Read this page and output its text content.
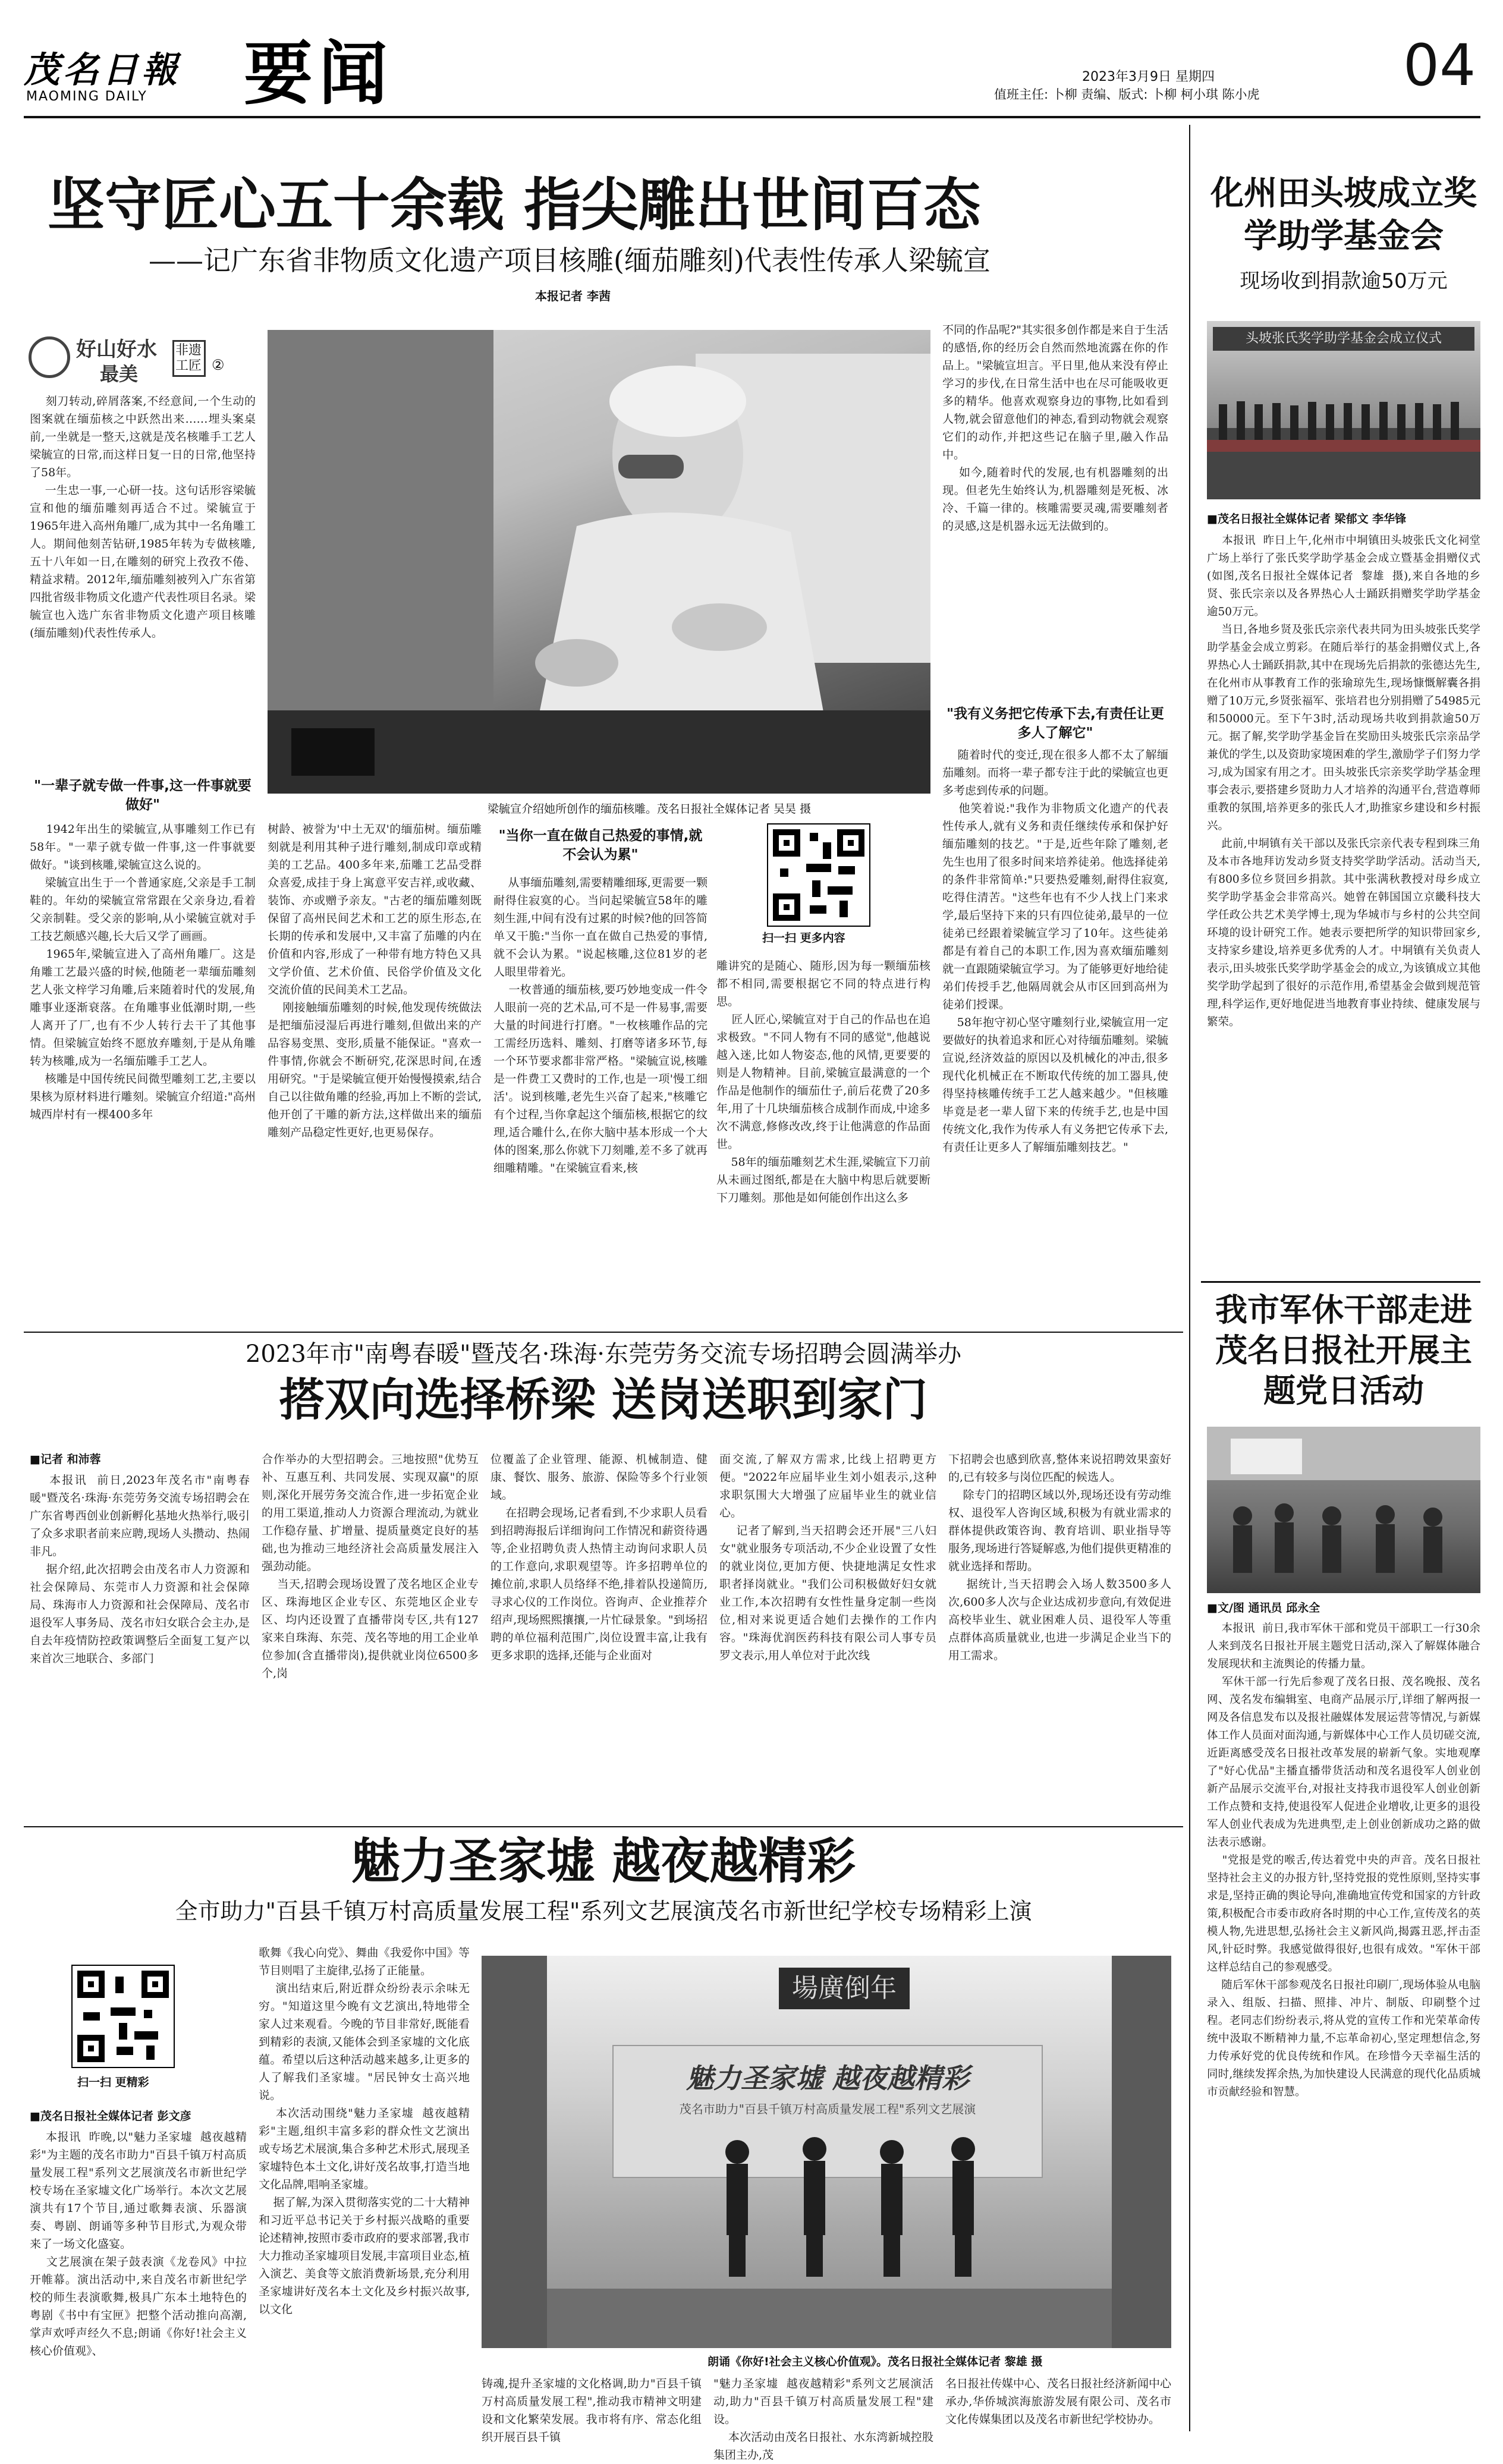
茂名日報
MAOMING DAILY 要闻	2023年3月9日 星期四
值班主任: 卜柳 责编、版式: 卜柳 柯小琪 陈小虎	04
坚守匠心五十余载 指尖雕出世间百态
——记广东省非物质文化遗产项目核雕(缅茄雕刻)代表性传承人梁毓宣
本报记者 李茜
好山好水
最美
非遗工匠 ②
刻刀转动,碎屑落案,不经意间,一个生动的图案就在缅茄核之中跃然出来……埋头案桌前,一坐就是一整天,这就是茂名核雕手工艺人梁毓宣的日常,而这样日复一日的日常,他坚持了58年。
一生忠一事,一心研一技。这句话形容梁毓宣和他的缅茄雕刻再适合不过。梁毓宣于1965年进入高州角雕厂,成为其中一名角雕工人。期间他刻苦钻研,1985年转为专做核雕,五十八年如一日,在雕刻的研究上孜孜不倦、精益求精。2012年,缅茄雕刻被列入广东省第四批省级非物质文化遗产代表性项目名录。梁毓宣也入选广东省非物质文化遗产项目核雕(缅茄雕刻)代表性传承人。
"一辈子就专做一件事,这一件事就要做好"
1942年出生的梁毓宣,从事雕刻工作已有58年。"一辈子就专做一件事,这一件事就要做好。"谈到核雕,梁毓宣这么说的。
梁毓宣出生于一个普通家庭,父亲是手工制鞋的。年幼的梁毓宣常常跟在父亲身边,看着父亲制鞋。受父亲的影响,从小梁毓宣就对手工技艺颇感兴趣,长大后又学了画画。
1965年,梁毓宣进入了高州角雕厂。这是角雕工艺最兴盛的时候,他随老一辈缅茄雕刻艺人张文梓学习角雕,后来随着时代的发展,角雕事业逐渐衰落。在角雕事业低潮时期,一些人离开了厂,也有不少人转行去干了其他事情。但梁毓宣始终不愿放弃雕刻,于是从角雕转为核雕,成为一名缅茄雕手工艺人。
核雕是中国传统民间微型雕刻工艺,主要以果核为原材料进行雕刻。梁毓宣介绍道:"高州城西岸村有一棵400多年
梁毓宣介绍她所创作的缅茄核雕。茂名日报社全媒体记者 吴昊 摄
树龄、被誉为'中土无双'的缅茄树。缅茄雕刻就是利用其种子进行雕刻,制成印章或精美的工艺品。400多年来,茄雕工艺品受群众喜爱,成挂于身上寓意平安吉祥,或收藏、装饰、亦或赠予亲友。"古老的缅茄雕刻既保留了高州民间艺术和工艺的原生形态,在长期的传承和发展中,又丰富了茄雕的内在价值和内容,形成了一种带有地方特色又具文学价值、艺术价值、民俗学价值及文化交流价值的民间美术工艺品。
刚接触缅茄雕刻的时候,他发现传统做法是把缅茄浸湿后再进行雕刻,但做出来的产品容易变黑、变形,质量不能保证。"喜欢一件事情,你就会不断研究,花深思时间,在透用研究。"于是梁毓宣便开始慢慢摸索,结合自己以往做角雕的经验,再加上不断的尝试,他开创了干雕的新方法,这样做出来的缅茄雕刻产品稳定性更好,也更易保存。
"当你一直在做自己热爱的事情,就不会认为累"
从事缅茄雕刻,需要精雕细琢,更需要一颗耐得住寂寞的心。当问起梁毓宣58年的雕刻生涯,中间有没有过累的时候?他的回答简单又干脆:"当你一直在做自己热爱的事情,就不会认为累。"说起核雕,这位81岁的老人眼里带着光。
一枚普通的缅茄核,要巧妙地变成一件令人眼前一亮的艺术品,可不是一件易事,需要大量的时间进行打磨。"一枚核雕作品的完工需经历选料、雕刻、打磨等诸多环节,每一个环节要求都非常严格。"梁毓宣说,核雕是一件费工又费时的工作,也是一项'慢工细活'。说到核雕,老先生兴奋了起来,"核雕它有个过程,当你拿起这个缅茄核,根据它的纹理,适合雕什么,在你大脑中基本形成一个大体的图案,那么你就下刀刻雕,差不多了就再细雕精雕。"在梁毓宣看来,核
扫一扫 更多内容
雕讲究的是随心、随形,因为每一颗缅茄核都不相同,需要根据它不同的特点进行构思。
匠人匠心,梁毓宣对于自己的作品也在追求极致。"不同人物有不同的感觉",他越说越入迷,比如人物姿态,他的风情,更要要的则是人物精神。目前,梁毓宣最满意的一个作品是他制作的缅茄仕子,前后花费了20多年,用了十几块缅茄核合成制作而成,中途多次不满意,修修改改,终于让他满意的作品面世。
58年的缅茄雕刻艺术生涯,梁毓宣下刀前从未画过图纸,都是在大脑中构思后就要断下刀雕刻。那他是如何能创作出这么多
不同的作品呢?"其实很多创作都是来自于生活的感悟,你的经历会自然而然地流露在你的作品上。"梁毓宣坦言。平日里,他从来没有停止学习的步伐,在日常生活中也在尽可能吸收更多的精华。他喜欢观察身边的事物,比如看到人物,就会留意他们的神态,看到动物就会观察它们的动作,并把这些记在脑子里,融入作品中。
如今,随着时代的发展,也有机器雕刻的出现。但老先生始终认为,机器雕刻是死板、冰冷、千篇一律的。核雕需要灵魂,需要雕刻者的灵感,这是机器永远无法做到的。
"我有义务把它传承下去,有责任让更多人了解它"
随着时代的变迁,现在很多人都不太了解缅茄雕刻。而将一辈子都专注于此的梁毓宣也更多考虑到传承的问题。
他笑着说:"我作为非物质文化遗产的代表性传承人,就有义务和责任继续传承和保护好缅茄雕刻的技艺。"于是,近些年除了雕刻,老先生也用了很多时间来培养徒弟。他选择徒弟的条件非常简单:"只要热爱雕刻,耐得住寂寞,吃得住清苦。"这些年也有不少人找上门来求学,最后坚持下来的只有四位徒弟,最早的一位徒弟已经跟着梁毓宣学习了10年。这些徒弟都是有着自己的本职工作,因为喜欢缅茄雕刻就一直跟随梁毓宣学习。为了能够更好地给徒弟们传授手艺,他隔周就会从市区回到高州为徒弟们授课。
58年抱守初心坚守雕刻行业,梁毓宣用一定要做好的执着追求和匠心对待缅茄雕刻。梁毓宣说,经济效益的原因以及机械化的冲击,很多现代化机械正在不断取代传统的加工器具,使得坚持核雕传统手工艺人越来越少。"但核雕毕竟是老一辈人留下来的传统手艺,也是中国传统文化,我作为传承人有义务把它传承下去,有责任让更多人了解缅茄雕刻技艺。"
化州田头坡成立奖学助学基金会
现场收到捐款逾50万元
头坡张氏奖学助学基金会成立仪式
■茂名日报社全媒体记者 梁郁文 李华锋
本报讯  昨日上午,化州市中垌镇田头坡张氏文化祠堂广场上举行了张氏奖学助学基金会成立暨基金捐赠仪式(如图,茂名日报社全媒体记者  黎雄  摄),来自各地的乡贤、张氏宗亲以及各界热心人士踊跃捐赠奖学助学基金逾50万元。
当日,各地乡贤及张氏宗亲代表共同为田头坡张氏奖学助学基金会成立剪彩。在随后举行的基金捐赠仪式上,各界热心人士踊跃捐款,其中在现场先后捐款的张德达先生,在化州市从事教育工作的张瑜琼先生,现场慷慨解囊各捐赠了10万元,乡贤张福军、张培君也分别捐赠了54985元和50000元。至下午3时,活动现场共收到捐款逾50万元。据了解,奖学助学基金旨在奖励田头坡张氏宗亲品学兼优的学生,以及资助家境困难的学生,激励学子们努力学习,成为国家有用之才。田头坡张氏宗亲奖学助学基金理事会表示,要搭建乡贤助力人才培养的沟通平台,营造尊师重教的氛围,培养更多的张氏人才,助推家乡建设和乡村振兴。
此前,中垌镇有关干部以及张氏宗亲代表专程到珠三角及本市各地拜访发动乡贤支持奖学助学活动。活动当天,有800多位乡贤回乡捐款。其中张满秋教授对母乡成立奖学助学基金会非常高兴。她曾在韩国国立京畿科技大学任政公共艺术美学博士,现为华城市与乡村的公共空间环境的设计研究工作。她表示要把所学的知识带回家乡,支持家乡建设,培养更多优秀的人才。中垌镇有关负责人表示,田头坡张氏奖学助学基金会的成立,为该镇成立其他奖学助学起到了很好的示范作用,希望基金会做到规范管理,科学运作,更好地促进当地教育事业持续、健康发展与繁荣。
我市军休干部走进茂名日报社开展主题党日活动
■文/图 通讯员 邱永全
本报讯  前日,我市军休干部和党员干部职工一行30余人来到茂名日报社开展主题党日活动,深入了解媒体融合发展现状和主流舆论的传播力量。
军休干部一行先后参观了茂名日报、茂名晚报、茂名网、茂名发布编辑室、电商产品展示厅,详细了解两报一网及各信息发布以及报社融媒体发展运营等情况,与新媒体工作人员面对面沟通,与新媒体中心工作人员切磋交流,近距离感受茂名日报社改革发展的崭新气象。实地观摩了"好心优品"主播直播带货活动和茂名退役军人创业创新产品展示交流平台,对报社支持我市退役军人创业创新工作点赞和支持,使退役军人促进企业增收,让更多的退役军人创业代表成为先进典型,走上创业创新成功之路的做法表示感谢。
"党报是党的喉舌,传达着党中央的声音。茂名日报社坚持社会主义的办报方针,坚持党报的党性原则,坚持实事求是,坚持正确的舆论导向,准确地宣传党和国家的方针政策,积极配合市委市政府各时期的中心工作,宣传茂名的英模人物,先进思想,弘扬社会主义新风尚,揭露丑恶,抨击歪风,针砭时弊。我感觉做得很好,也很有成效。"军休干部这样总结自己的参观感受。
随后军休干部参观茂名日报社印刷厂,现场体验从电脑录入、组版、扫描、照排、冲片、制版、印刷整个过程。老同志们纷纷表示,将从党的宣传工作和光荣革命传统中汲取不断精神力量,不忘革命初心,坚定理想信念,努力传承好党的优良传统和作风。在珍惜今天幸福生活的同时,继续发挥余热,为加快建设人民满意的现代化品质城市贡献经验和智慧。
2023年市"南粤春暖"暨茂名·珠海·东莞劳务交流专场招聘会圆满举办
搭双向选择桥梁 送岗送职到家门
■记者 和沛蓉
本报讯  前日,2023年茂名市"南粤春暖"暨茂名·珠海·东莞劳务交流专场招聘会在广东省粤西创业创新孵化基地火热举行,吸引了众多求职者前来应聘,现场人头攒动、热闹非凡。
据介绍,此次招聘会由茂名市人力资源和社会保障局、东莞市人力资源和社会保障局、珠海市人力资源和社会保障局、茂名市退役军人事务局、茂名市妇女联合会主办,是自去年疫情防控政策调整后全面复工复产以来首次三地联合、多部门
合作举办的大型招聘会。三地按照"优势互补、互惠互利、共同发展、实现双赢"的原则,深化开展劳务交流合作,进一步拓宽企业的用工渠道,推动人力资源合理流动,为就业工作稳存量、扩增量、提质量奠定良好的基础,也为推动三地经济社会高质量发展注入强劲动能。
当天,招聘会现场设置了茂名地区企业专区、珠海地区企业专区、东莞地区企业专区、均内还设置了直播带岗专区,共有127家来自珠海、东莞、茂名等地的用工企业单位参加(含直播带岗),提供就业岗位6500多个,岗
位覆盖了企业管理、能源、机械制造、健康、餐饮、服务、旅游、保险等多个行业领域。
在招聘会现场,记者看到,不少求职人员看到招聘海报后详细询问工作情况和薪资待遇等,企业招聘负责人热情主动询问求职人员的工作意向,求职观望等。许多招聘单位的摊位前,求职人员络绎不绝,排着队投递简历,寻求心仪的工作岗位。咨询声、企业推荐介绍声,现场熙熙攘攘,一片忙碌景象。"到场招聘的单位福利范围广,岗位设置丰富,让我有更多求职的选择,还能与企业面对
面交流,了解双方需求,比线上招聘更方便。"2022年应届毕业生刘小姐表示,这种求职氛围大大增强了应届毕业生的就业信心。
记者了解到,当天招聘会还开展"三八妇女"就业服务专项活动,不少企业设置了女性的就业岗位,更加方便、快捷地满足女性求职者择岗就业。"我们公司积极做好妇女就业工作,本次招聘有女性性量身定制一些岗位,相对来说更适合她们去操作的工作内容。"珠海优润医药科技有限公司人事专员罗文表示,用人单位对于此次线
下招聘会也感到欣喜,整体来说招聘效果蛮好的,已有较多与岗位匹配的候选人。
除专门的招聘区域以外,现场还设有劳动维权、退役军人咨询区域,积极为有就业需求的群体提供政策咨询、教育培训、职业指导等服务,现场进行答疑解惑,为他们提供更精准的就业选择和帮助。
据统计,当天招聘会入场人数3500多人次,600多人次与企业达成初步意向,有效促进高校毕业生、就业困难人员、退役军人等重点群体高质量就业,也进一步满足企业当下的用工需求。
魅力圣家墟 越夜越精彩
全市助力"百县千镇万村高质量发展工程"系列文艺展演茂名市新世纪学校专场精彩上演
扫一扫 更精彩
■茂名日报社全媒体记者 彭文彦
本报讯  昨晚,以"魅力圣家墟  越夜越精彩"为主题的茂名市助力"百县千镇万村高质量发展工程"系列文艺展演茂名市新世纪学校专场在圣家墟文化广场举行。本次文艺展演共有17个节目,通过歌舞表演、乐器演奏、粤剧、朗诵等多种节目形式,为观众带来了一场文化盛宴。
文艺展演在架子鼓表演《龙卷风》中拉开帷幕。演出活动中,来自茂名市新世纪学校的师生表演歌舞,极具广东本土地特色的粤剧《书中有宝匣》把整个活动推向高潮,掌声欢呼声经久不息;朗诵《你好!社会主义核心价值观》、
歌舞《我心向党》、舞曲《我爱你中国》等节目则唱了主旋律,弘扬了正能量。
演出结束后,附近群众纷纷表示余味无穷。"知道这里今晚有文艺演出,特地带全家人过来观看。今晚的节目非常好,既能看到精彩的表演,又能体会到圣家墟的文化底蕴。希望以后这种活动越来越多,让更多的人了解我们圣家墟。"居民钟女士高兴地说。
本次活动围绕"魅力圣家墟  越夜越精彩"主题,组织丰富多彩的群众性文艺演出或专场艺术展演,集合多种艺术形式,展现圣家墟特色本土文化,讲好茂名故事,打造当地文化品牌,唱响圣家墟。
据了解,为深入贯彻落实党的二十大精神和习近平总书记关于乡村振兴战略的重要论述精神,按照市委市政府的要求部署,我市大力推动圣家墟项目发展,丰富项目业态,植入演艺、美食等文旅消费新场景,充分利用圣家墟讲好茂名本土文化及乡村振兴故事,以文化
場廣倒年
魅力圣家墟 越夜越精彩
茂名市助力"百县千镇万村高质量发展工程"系列文艺展演
朗诵《你好!社会主义核心价值观》。茂名日报社全媒体记者 黎雄 摄
铸魂,提升圣家墟的文化格调,助力"百县千镇万村高质量发展工程",推动我市精神文明建设和文化繁荣发展。我市将有序、常态化组织开展百县千镇
"魅力圣家墟  越夜越精彩"系列文艺展演活动,助力"百县千镇万村高质量发展工程"建设。
本次活动由茂名日报社、水东湾新城控股集团主办,茂
名日报社传媒中心、茂名日报社经济新闻中心承办,华侨城滨海旅游发展有限公司、茂名市文化传媒集团以及茂名市新世纪学校协办。
